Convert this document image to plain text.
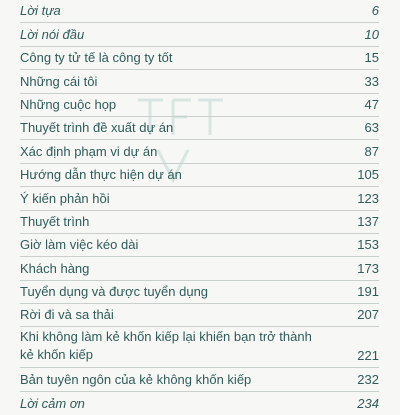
Lời tựa	6
Lời nói đầu	10
Công ty tử tế là công ty tốt	15
Những cái tôi	33
Những cuộc họp	47
Thuyết trình đề xuất dự án	63
Xác định phạm vi dự án	87
Hướng dẫn thực hiện dự án	105
Ý kiến phản hồi	123
Thuyết trình	137
Giờ làm việc kéo dài	153
Khách hàng	173
Tuyển dụng và được tuyển dụng	191
Rời đi và sa thải	207
Khi không làm kẻ khốn kiếp lại khiến bạn trở thành kẻ khốn kiếp	221
Bản tuyên ngôn của kẻ không khốn kiếp	232
Lời cảm ơn	234
